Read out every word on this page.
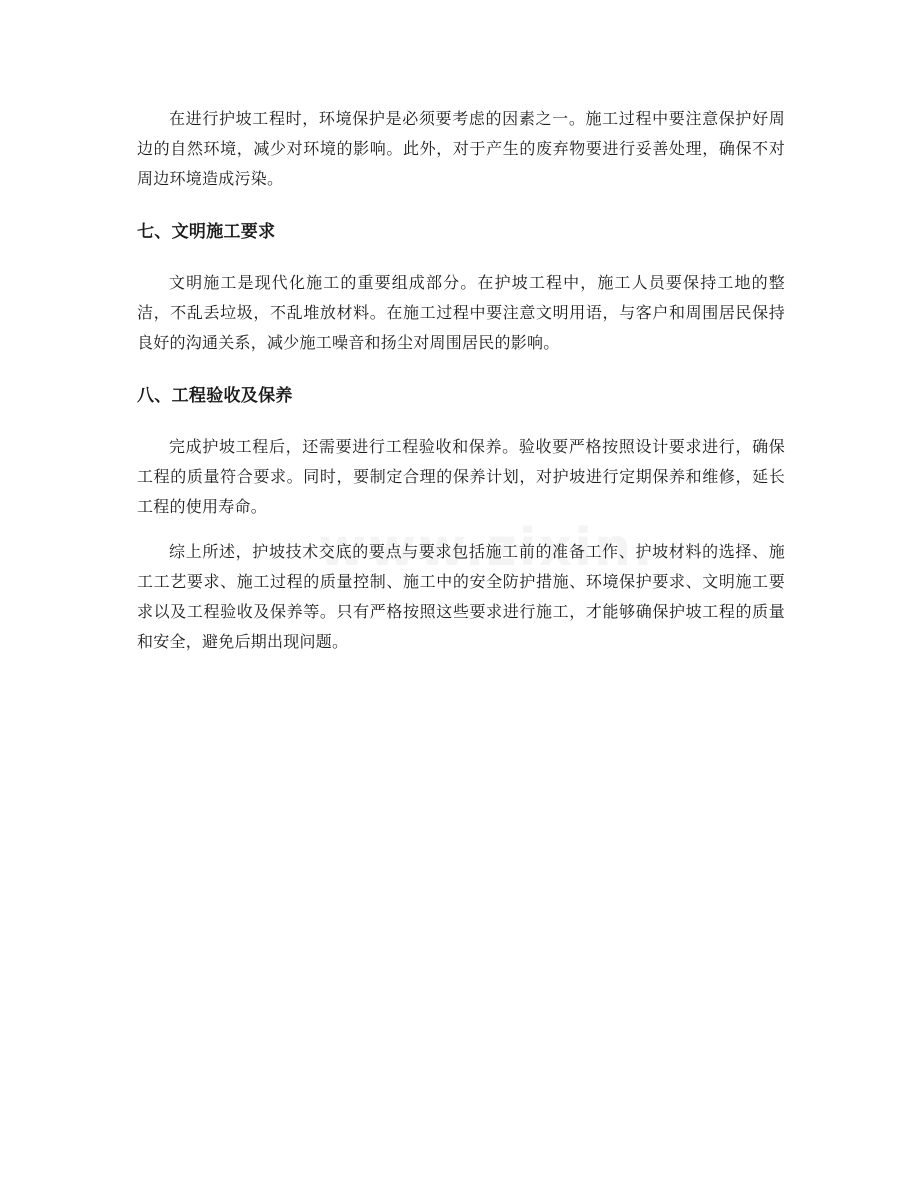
在进行护坡工程时，环境保护是必须要考虑的因素之一。施工过程中要注意保护好周边的自然环境，减少对环境的影响。此外，对于产生的废弃物要进行妥善处理，确保不对周边环境造成污染。

七、文明施工要求

文明施工是现代化施工的重要组成部分。在护坡工程中，施工人员要保持工地的整洁，不乱丢垃圾，不乱堆放材料。在施工过程中要注意文明用语，与客户和周围居民保持良好的沟通关系，减少施工噪音和扬尘对周围居民的影响。

八、工程验收及保养

完成护坡工程后，还需要进行工程验收和保养。验收要严格按照设计要求进行，确保工程的质量符合要求。同时，要制定合理的保养计划，对护坡进行定期保养和维修，延长工程的使用寿命。

综上所述，护坡技术交底的要点与要求包括施工前的准备工作、护坡材料的选择、施工工艺要求、施工过程的质量控制、施工中的安全防护措施、环境保护要求、文明施工要求以及工程验收及保养等。只有严格按照这些要求进行施工，才能够确保护坡工程的质量和安全，避免后期出现问题。
